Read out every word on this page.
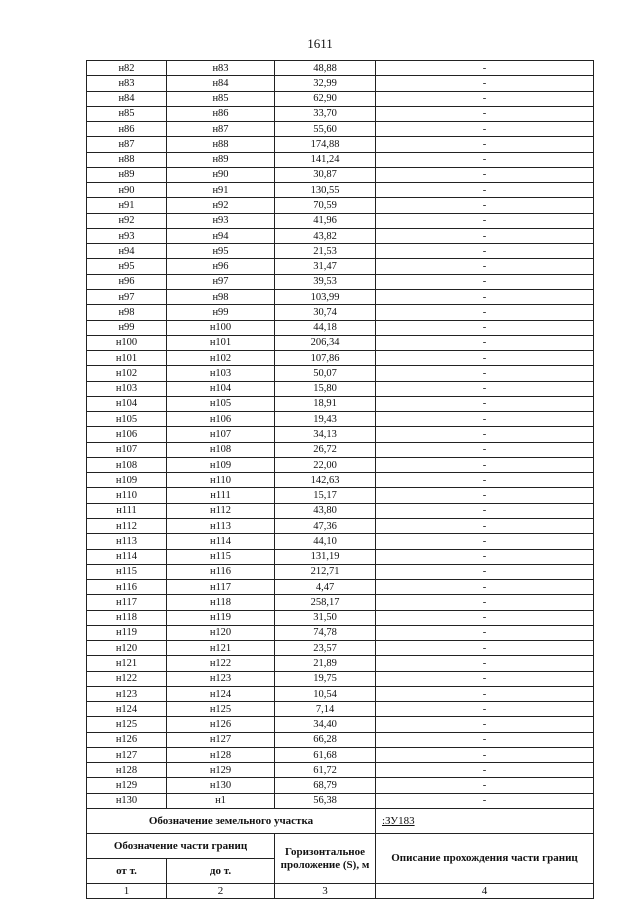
1611
н82	н83	48,88	-
н83	н84	32,99	-
н84	н85	62,90	-
н85	н86	33,70	-
н86	н87	55,60	-
н87	н88	174,88	-
н88	н89	141,24	-
н89	н90	30,87	-
н90	н91	130,55	-
н91	н92	70,59	-
н92	н93	41,96	-
н93	н94	43,82	-
н94	н95	21,53	-
н95	н96	31,47	-
н96	н97	39,53	-
н97	н98	103,99	-
н98	н99	30,74	-
н99	н100	44,18	-
н100	н101	206,34	-
н101	н102	107,86	-
н102	н103	50,07	-
н103	н104	15,80	-
н104	н105	18,91	-
н105	н106	19,43	-
н106	н107	34,13	-
н107	н108	26,72	-
н108	н109	22,00	-
н109	н110	142,63	-
н110	н111	15,17	-
н111	н112	43,80	-
н112	н113	47,36	-
н113	н114	44,10	-
н114	н115	131,19	-
н115	н116	212,71	-
н116	н117	4,47	-
н117	н118	258,17	-
н118	н119	31,50	-
н119	н120	74,78	-
н120	н121	23,57	-
н121	н122	21,89	-
н122	н123	19,75	-
н123	н124	10,54	-
н124	н125	7,14	-
н125	н126	34,40	-
н126	н127	66,28	-
н127	н128	61,68	-
н128	н129	61,72	-
н129	н130	68,79	-
н130	н1	56,38	-
Обозначение земельного участка			:ЗУ183
Обозначение части границ		Горизонтальное проложение (S), м	Описание прохождения части границ
от т.	до т.		
1	2	3	4
